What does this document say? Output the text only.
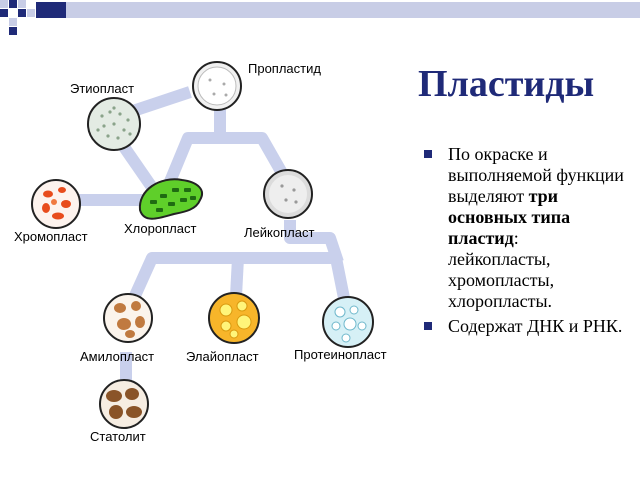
Пропластид
Этиопласт
Хромопласт
Хлоропласт	Лейкопласт
Амилопласт Элайопласт	Протеинопласт
Статолит
Пластиды
По окраске и выполняемой функции выделяют три основных типа пластид: лейкопласты, хромопласты, хлоропласты.
Содержат ДНК и РНК.
